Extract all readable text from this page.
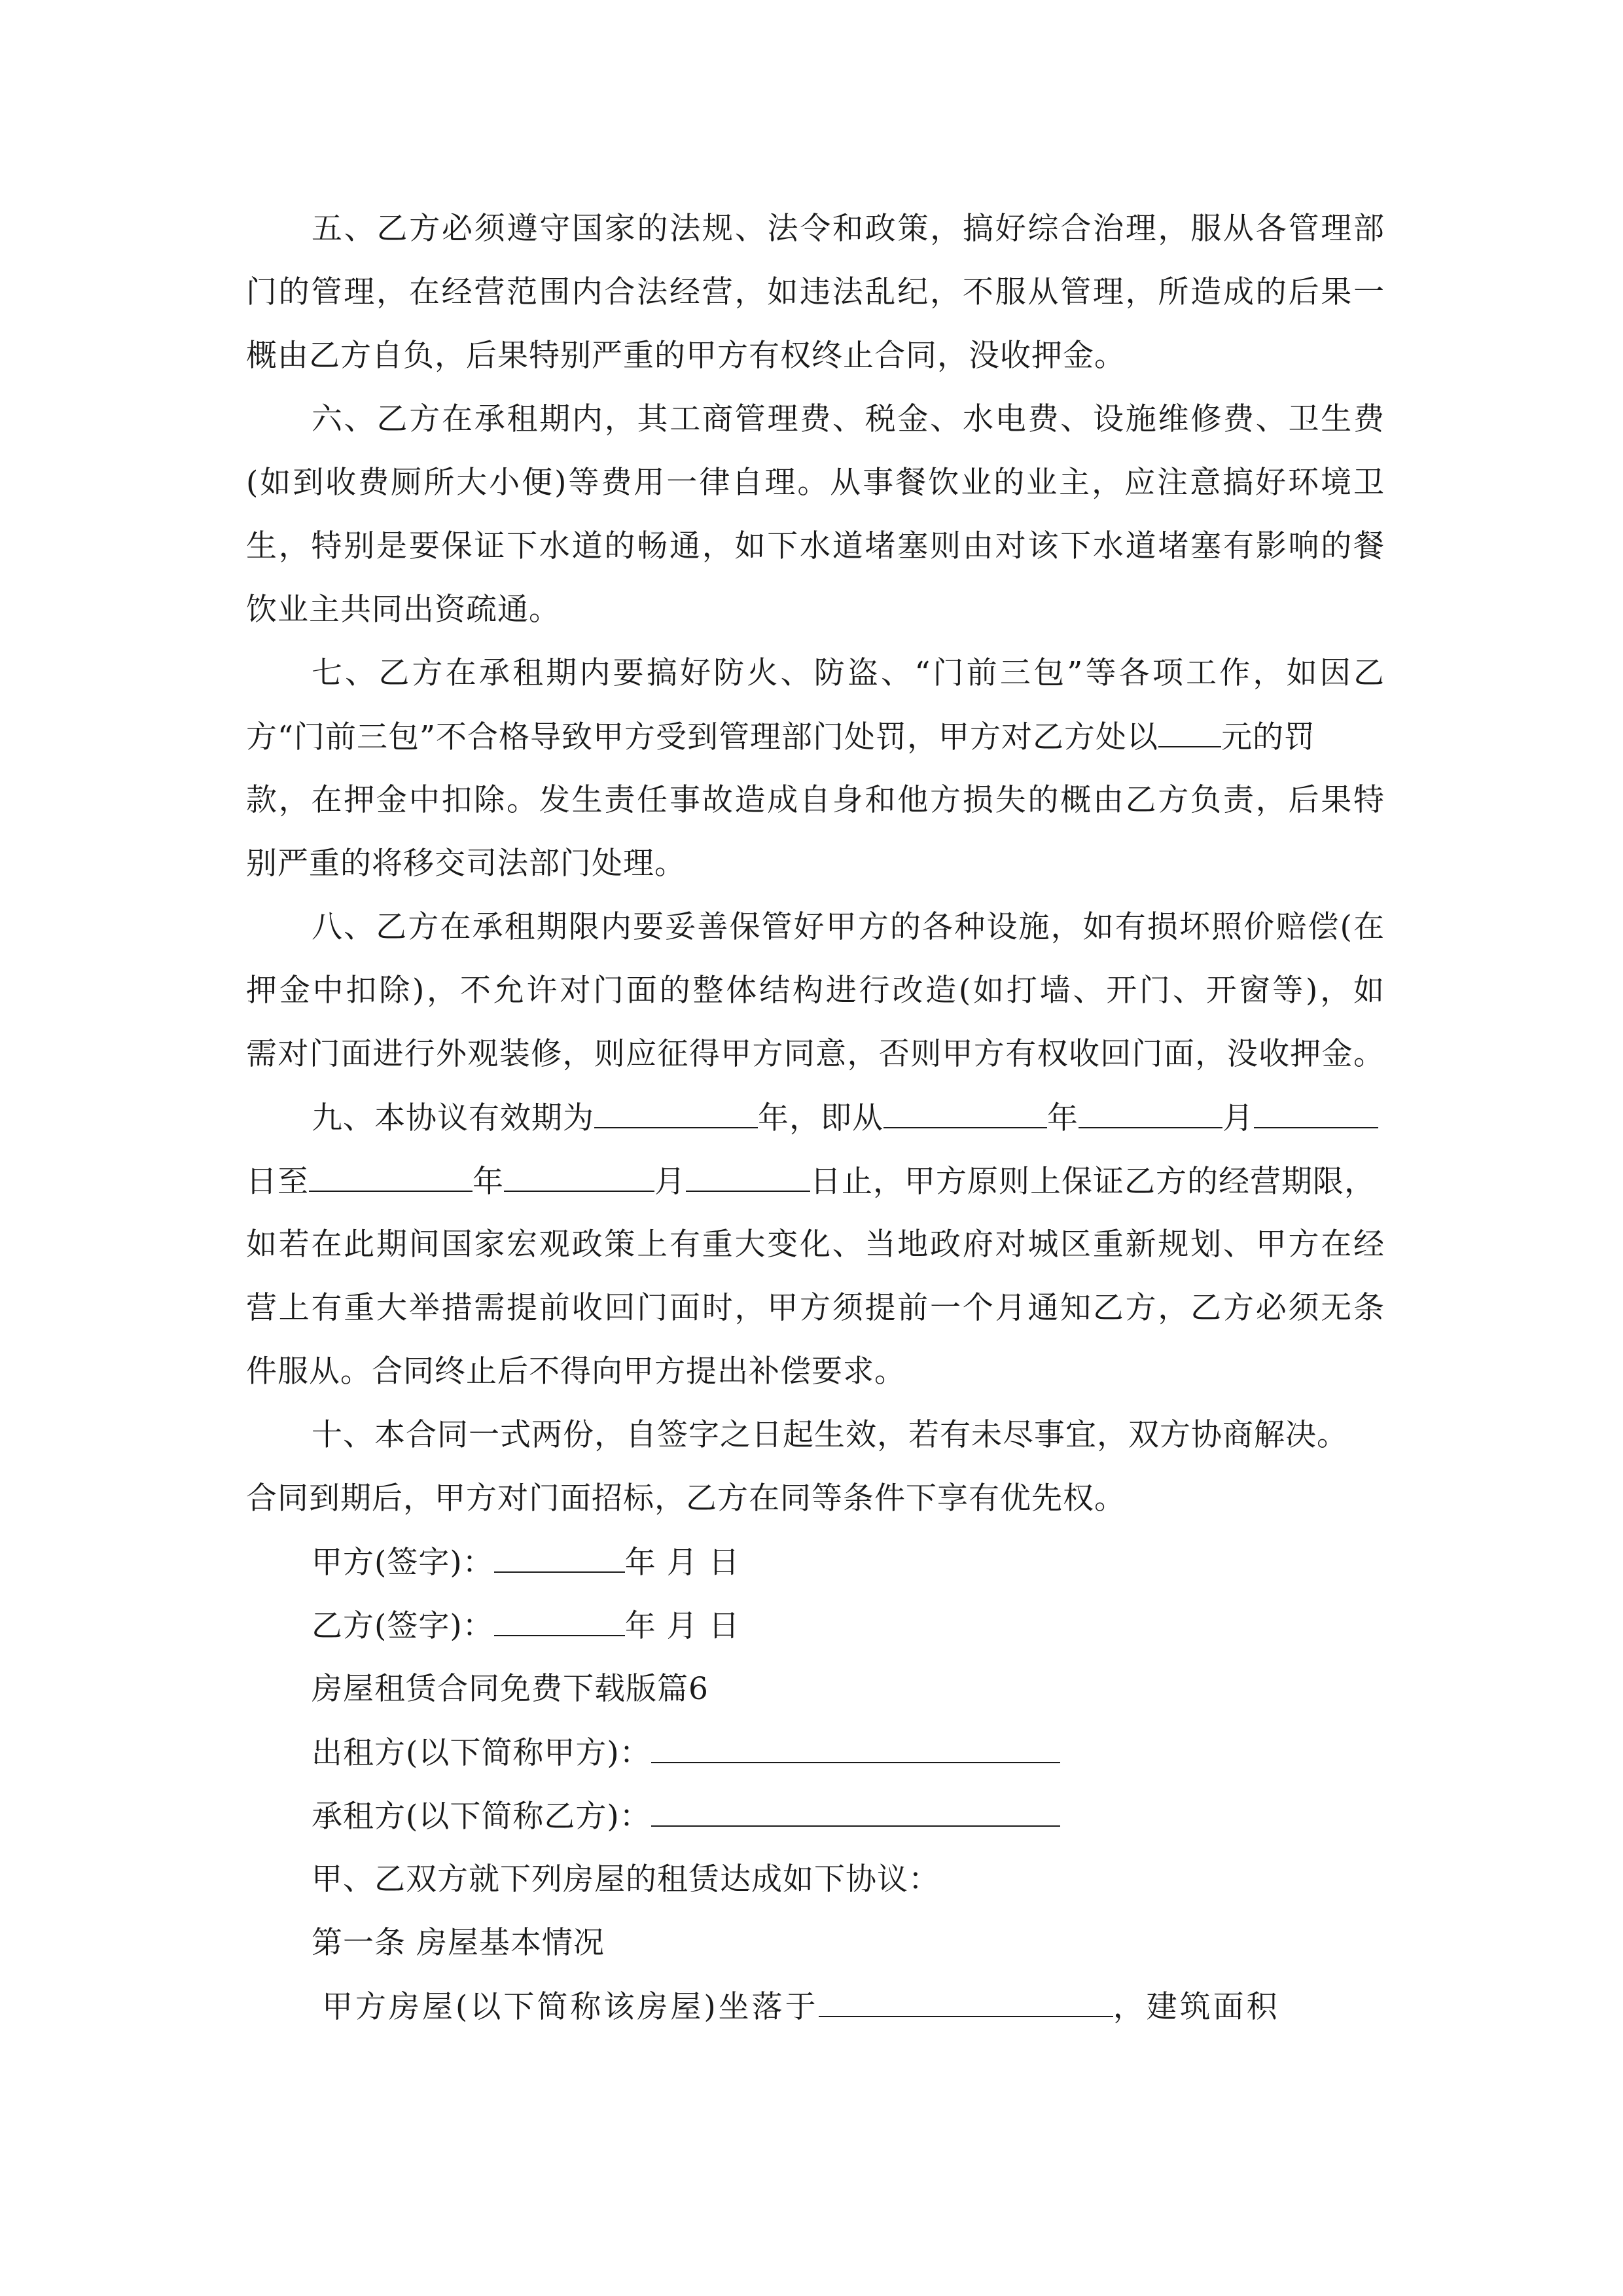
五、乙方必须遵守国家的法规、法令和政策，搞好综合治理，服从各管理部
门的管理，在经营范围内合法经营，如违法乱纪，不服从管理，所造成的后果一
概由乙方自负，后果特别严重的甲方有权终止合同，没收押金。
六、乙方在承租期内，其工商管理费、税金、水电费、设施维修费、卫生费
(如到收费厕所大小便)等费用一律自理。从事餐饮业的业主，应注意搞好环境卫
生，特别是要保证下水道的畅通，如下水道堵塞则由对该下水道堵塞有影响的餐
饮业主共同出资疏通。
七、乙方在承租期内要搞好防火、防盗、“门前三包”等各项工作，如因乙
方“门前三包”不合格导致甲方受到管理部门处罚，甲方对乙方处以 元的罚
款，在押金中扣除。发生责任事故造成自身和他方损失的概由乙方负责，后果特
别严重的将移交司法部门处理。
八、乙方在承租期限内要妥善保管好甲方的各种设施，如有损坏照价赔偿(在
押金中扣除)，不允许对门面的整体结构进行改造(如打墙、开门、开窗等)，如
需对门面进行外观装修，则应征得甲方同意，否则甲方有权收回门面，没收押金。
九、本协议有效期为	年，即从	年	月
日至	年	月	日止，甲方原则上保证乙方的经营期限，
如若在此期间国家宏观政策上有重大变化、当地政府对城区重新规划、甲方在经
营上有重大举措需提前收回门面时，甲方须提前一个月通知乙方，乙方必须无条
件服从。合同终止后不得向甲方提出补偿要求。
十、本合同一式两份，自签字之日起生效，若有未尽事宜，双方协商解决。
合同到期后，甲方对门面招标，乙方在同等条件下享有优先权。
甲方(签字)：	年 月 日
乙方(签字)：	年 月 日
房屋租赁合同免费下载版篇6
出租方(以下简称甲方)：
承租方(以下简称乙方)：
甲、乙双方就下列房屋的租赁达成如下协议：
第一条 房屋基本情况
甲方房屋(以下简称该房屋)坐落于	，建筑面积
